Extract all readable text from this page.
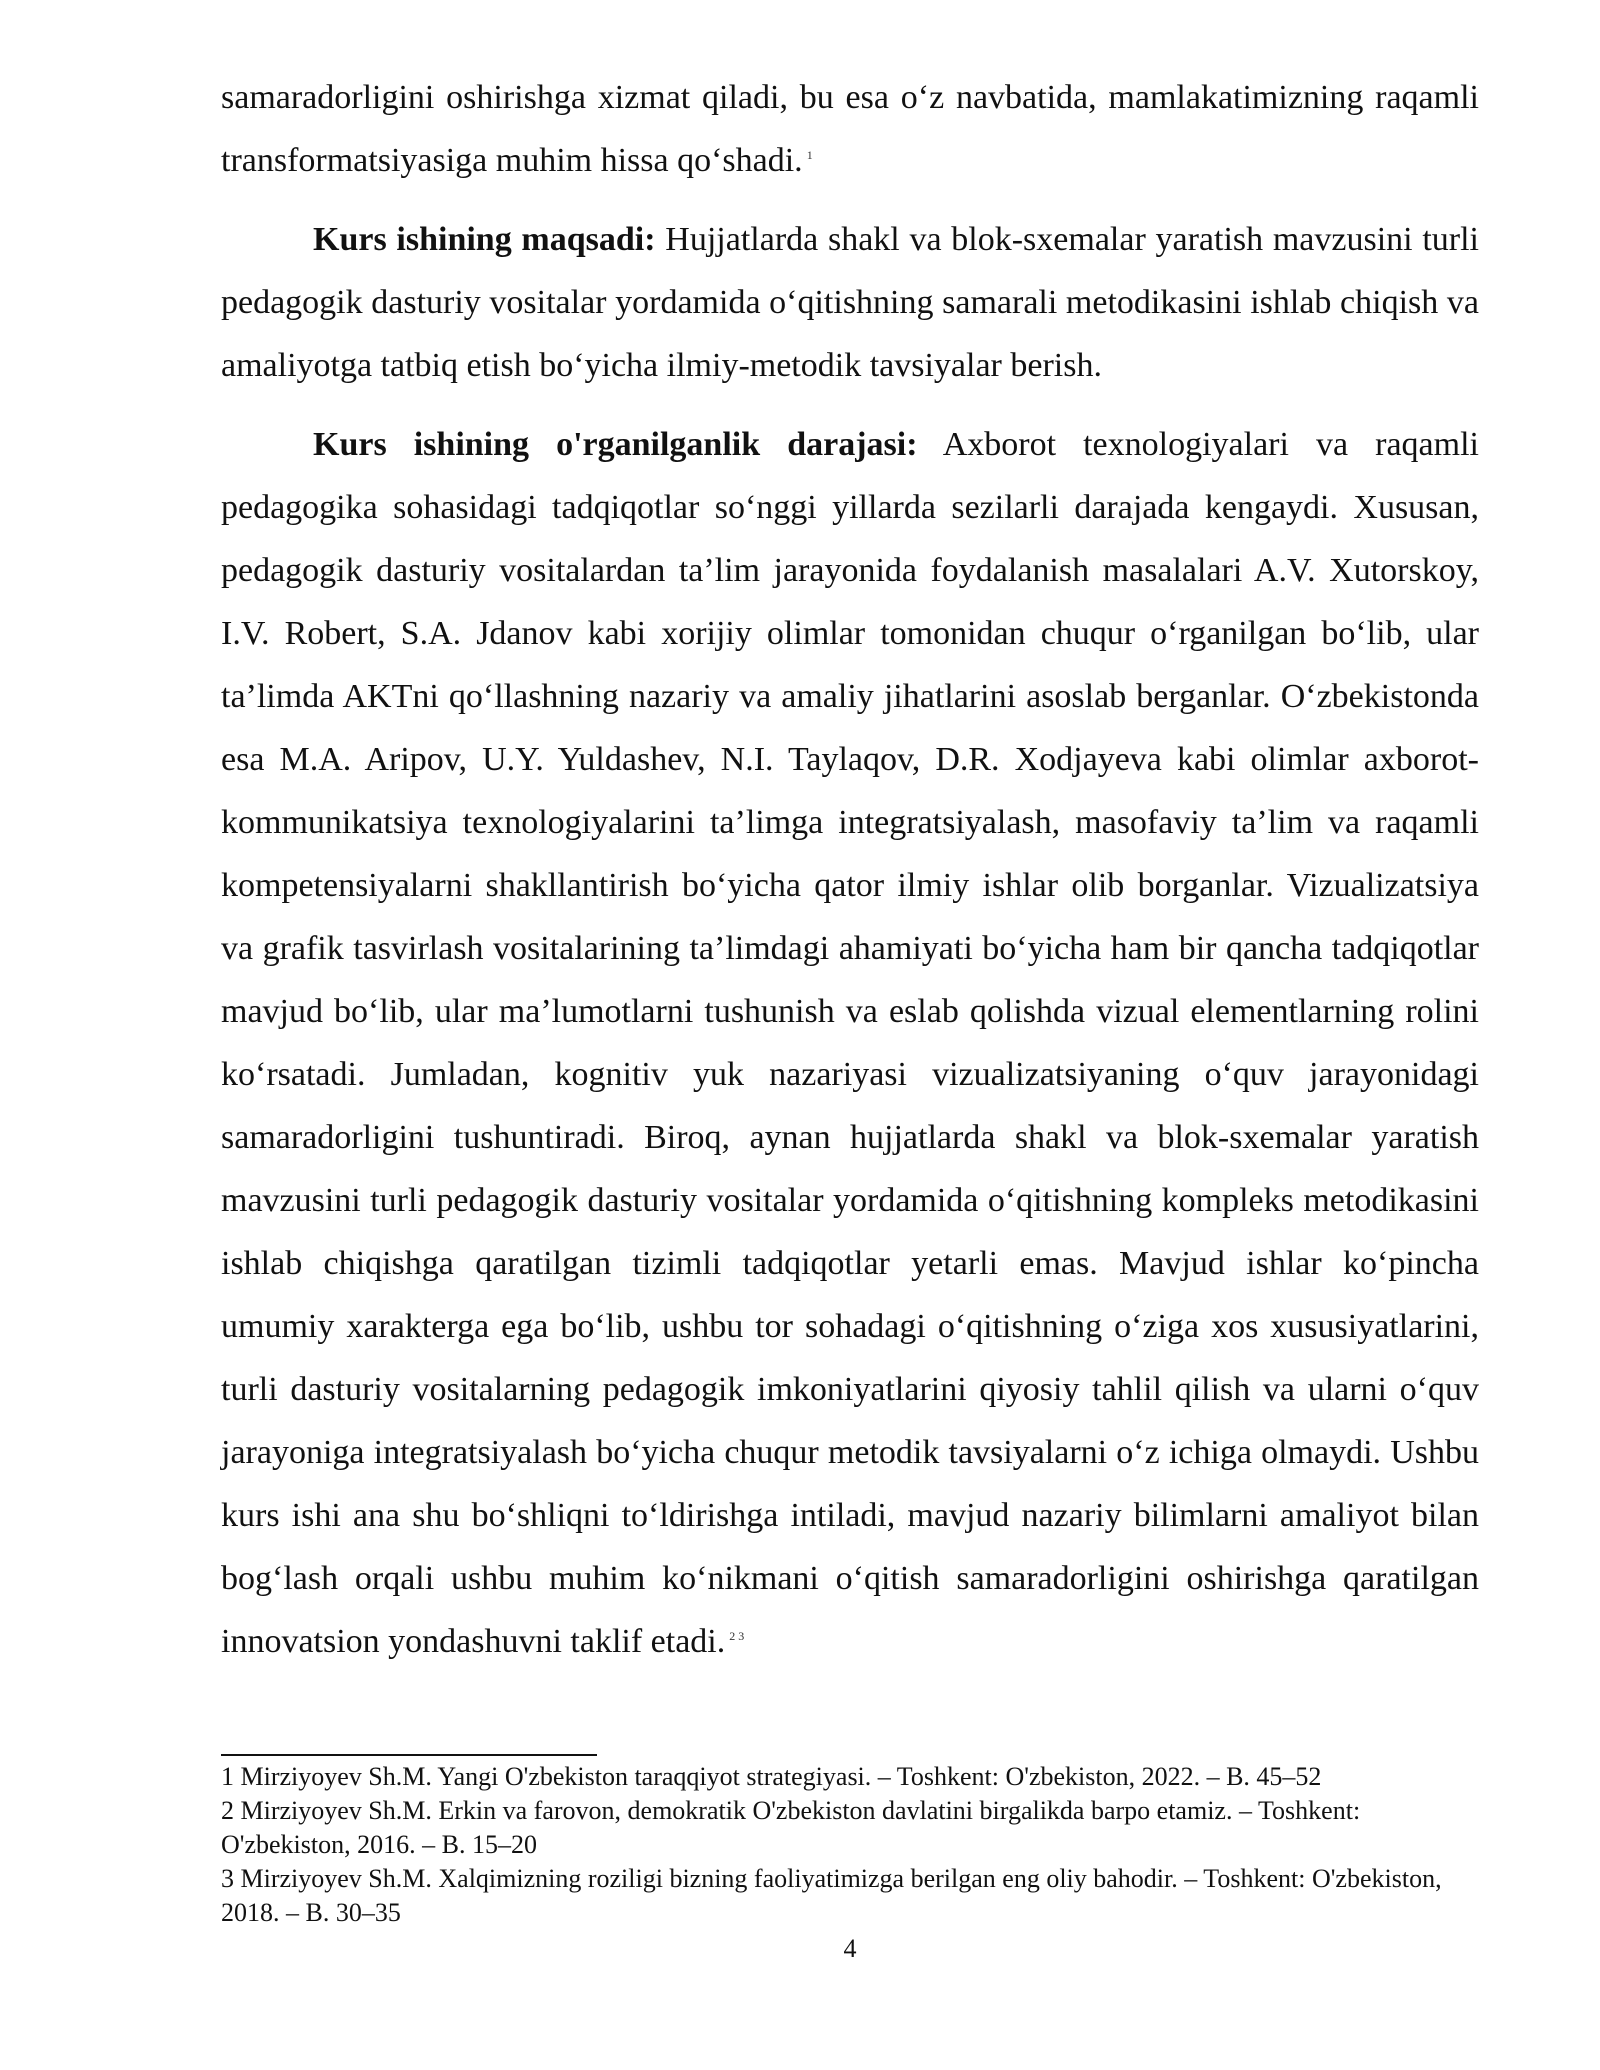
samaradorligini oshirishga xizmat qiladi, bu esa o‘z navbatida, mamlakatimizning raqamli transformatsiyasiga muhim hissa qo‘shadi. $^1$

Kurs ishining maqsadi: Hujjatlarda shakl va blok-sxemalar yaratish mavzusini turli pedagogik dasturiy vositalar yordamida o‘qitishning samarali metodikasini ishlab chiqish va amaliyotga tatbiq etish bo‘yicha ilmiy-metodik tavsiyalar berish.

Kurs ishining o'rganilganlik darajasi: Axborot texnologiyalari va raqamli pedagogika sohasidagi tadqiqotlar so‘nggi yillarda sezilarli darajada kengaydi. Xususan, pedagogik dasturiy vositalardan ta’lim jarayonida foydalanish masalalari A.V. Xutorskoy, I.V. Robert, S.A. Jdanov kabi xorijiy olimlar tomonidan chuqur o‘rganilgan bo‘lib, ular ta’limda AKTni qo‘llashning nazariy va amaliy jihatlarini asoslab berganlar. O‘zbekistonda esa M.A. Aripov, U.Y. Yuldashev, N.I. Taylaqov, D.R. Xodjayeva kabi olimlar axborot-kommunikatsiya texnologiyalarini ta’limga integratsiyalash, masofaviy ta’lim va raqamli kompetensiyalarni shakllantirish bo‘yicha qator ilmiy ishlar olib borganlar. Vizualizatsiya va grafik tasvirlash vositalarining ta’limdagi ahamiyati bo‘yicha ham bir qancha tadqiqotlar mavjud bo‘lib, ular ma’lumotlarni tushunish va eslab qolishda vizual elementlarning rolini ko‘rsatadi. Jumladan, kognitiv yuk nazariyasi vizualizatsiyaning o‘quv jarayonidagi samaradorligini tushuntiradi. Biroq, aynan hujjatlarda shakl va blok-sxemalar yaratish mavzusini turli pedagogik dasturiy vositalar yordamida o‘qitishning kompleks metodikasini ishlab chiqishga qaratilgan tizimli tadqiqotlar yetarli emas. Mavjud ishlar ko‘pincha umumiy xarakterga ega bo‘lib, ushbu tor sohadagi o‘qitishning o‘ziga xos xususiyatlarini, turli dasturiy vositalarning pedagogik imkoniyatlarini qiyosiy tahlil qilish va ularni o‘quv jarayoniga integratsiyalash bo‘yicha chuqur metodik tavsiyalarni o‘z ichiga olmaydi. Ushbu kurs ishi ana shu bo‘shliqni to‘ldirishga intiladi, mavjud nazariy bilimlarni amaliyot bilan bog‘lash orqali ushbu muhim ko‘nikmani o‘qitish samaradorligini oshirishga qaratilgan innovatsion yondashuvni taklif etadi. $^{2 3}$

1 Mirziyoyev Sh.M. Yangi O'zbekiston taraqqiyot strategiyasi. – Toshkent: O'zbekiston, 2022. – B. 45–52

2 Mirziyoyev Sh.M. Erkin va farovon, demokratik O'zbekiston davlatini birgalikda barpo etamiz. – Toshkent: O'zbekiston, 2016. – B. 15–20

3 Mirziyoyev Sh.M. Xalqimizning roziligi bizning faoliyatimizga berilgan eng oliy bahodir. – Toshkent: O'zbekiston, 2018. – B. 30–35

4
